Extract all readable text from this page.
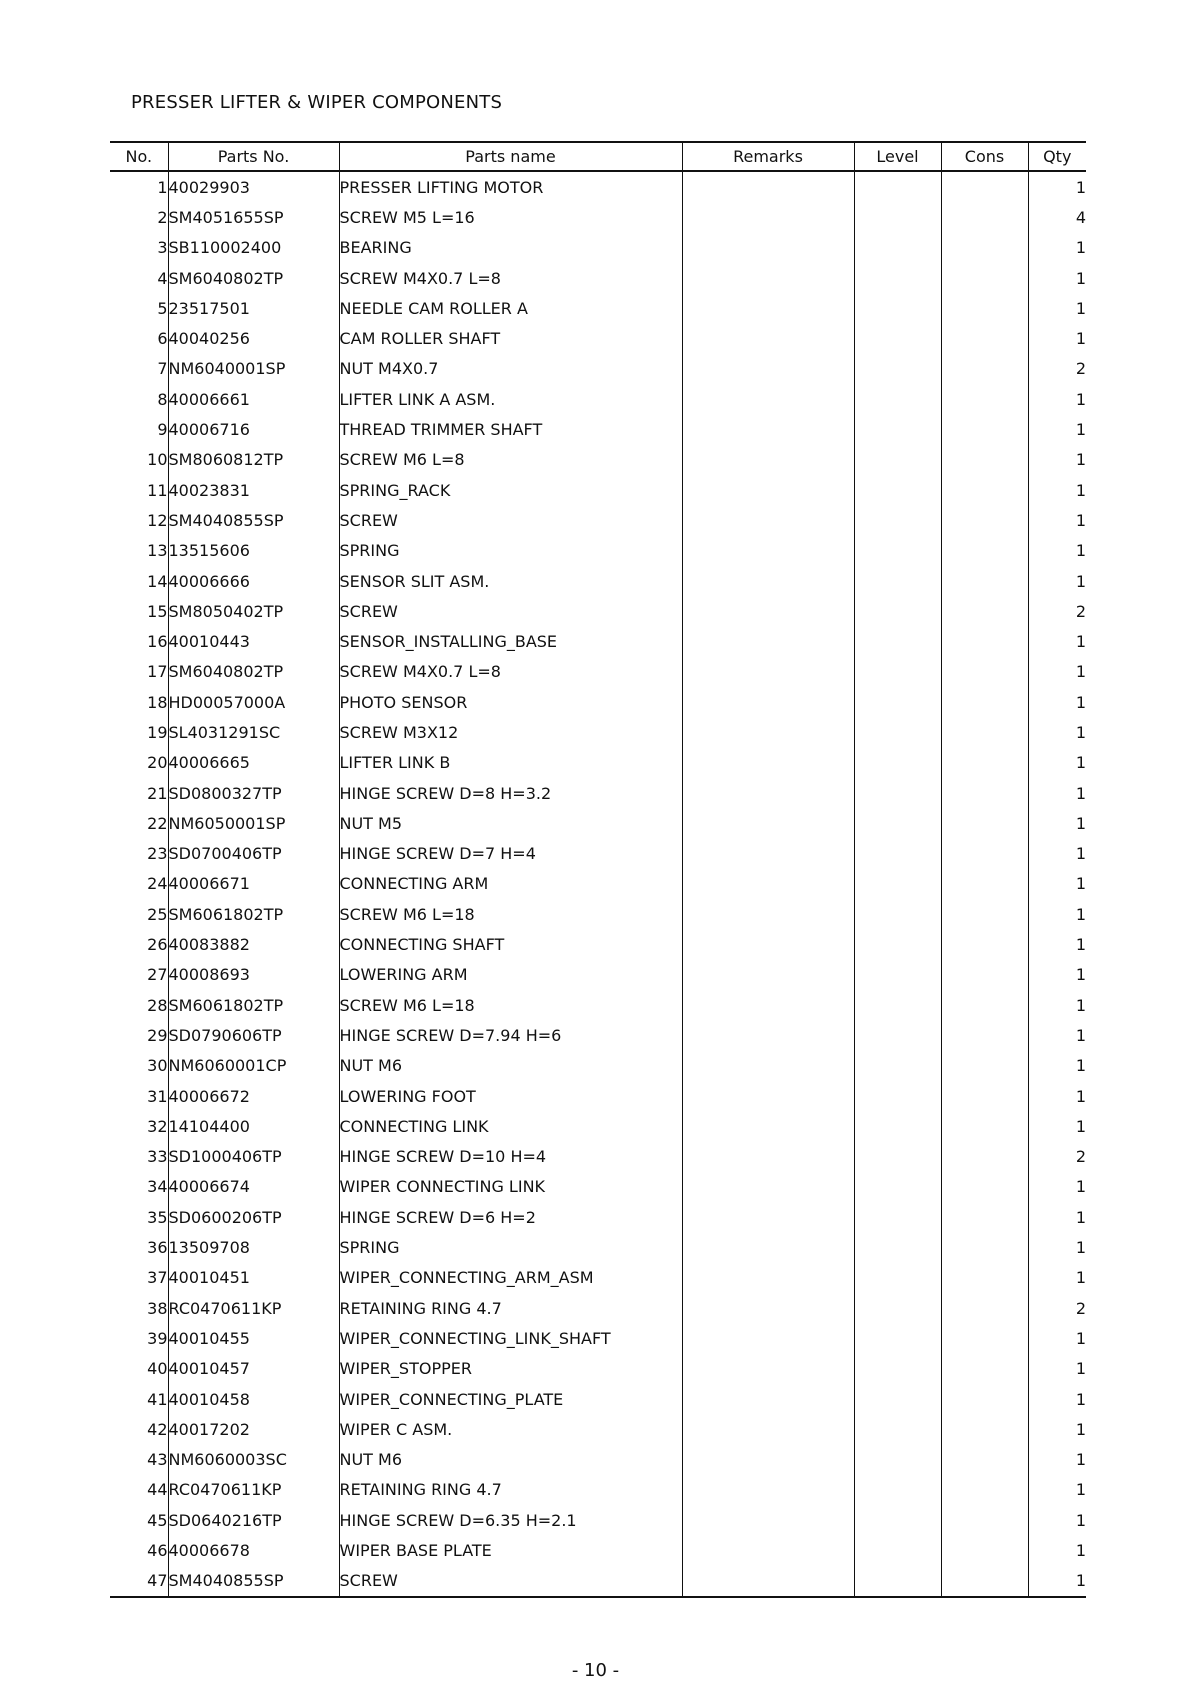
PRESSER LIFTER & WIPER COMPONENTS
No.	Parts No.	Parts name	Remarks	Level	Cons	Qty
1	40029903	PRESSER LIFTING MOTOR				1
2	SM4051655SP	SCREW M5 L=16				4
3	SB110002400	BEARING				1
4	SM6040802TP	SCREW M4X0.7 L=8				1
5	23517501	NEEDLE CAM ROLLER A				1
6	40040256	CAM ROLLER SHAFT				1
7	NM6040001SP	NUT M4X0.7				2
8	40006661	LIFTER LINK A ASM.				1
9	40006716	THREAD TRIMMER SHAFT				1
10	SM8060812TP	SCREW M6 L=8				1
11	40023831	SPRING_RACK				1
12	SM4040855SP	SCREW				1
13	13515606	SPRING				1
14	40006666	SENSOR SLIT ASM.				1
15	SM8050402TP	SCREW				2
16	40010443	SENSOR_INSTALLING_BASE				1
17	SM6040802TP	SCREW M4X0.7 L=8				1
18	HD00057000A	PHOTO SENSOR				1
19	SL4031291SC	SCREW M3X12				1
20	40006665	LIFTER LINK B				1
21	SD0800327TP	HINGE SCREW D=8 H=3.2				1
22	NM6050001SP	NUT M5				1
23	SD0700406TP	HINGE SCREW D=7 H=4				1
24	40006671	CONNECTING ARM				1
25	SM6061802TP	SCREW M6 L=18				1
26	40083882	CONNECTING SHAFT				1
27	40008693	LOWERING ARM				1
28	SM6061802TP	SCREW M6 L=18				1
29	SD0790606TP	HINGE SCREW D=7.94 H=6				1
30	NM6060001CP	NUT M6				1
31	40006672	LOWERING FOOT				1
32	14104400	CONNECTING LINK				1
33	SD1000406TP	HINGE SCREW D=10 H=4				2
34	40006674	WIPER CONNECTING LINK				1
35	SD0600206TP	HINGE SCREW D=6 H=2				1
36	13509708	SPRING				1
37	40010451	WIPER_CONNECTING_ARM_ASM				1
38	RC0470611KP	RETAINING RING 4.7				2
39	40010455	WIPER_CONNECTING_LINK_SHAFT				1
40	40010457	WIPER_STOPPER				1
41	40010458	WIPER_CONNECTING_PLATE				1
42	40017202	WIPER C ASM.				1
43	NM6060003SC	NUT M6				1
44	RC0470611KP	RETAINING RING 4.7				1
45	SD0640216TP	HINGE SCREW D=6.35 H=2.1				1
46	40006678	WIPER BASE PLATE				1
47	SM4040855SP	SCREW				1
- 10 -
